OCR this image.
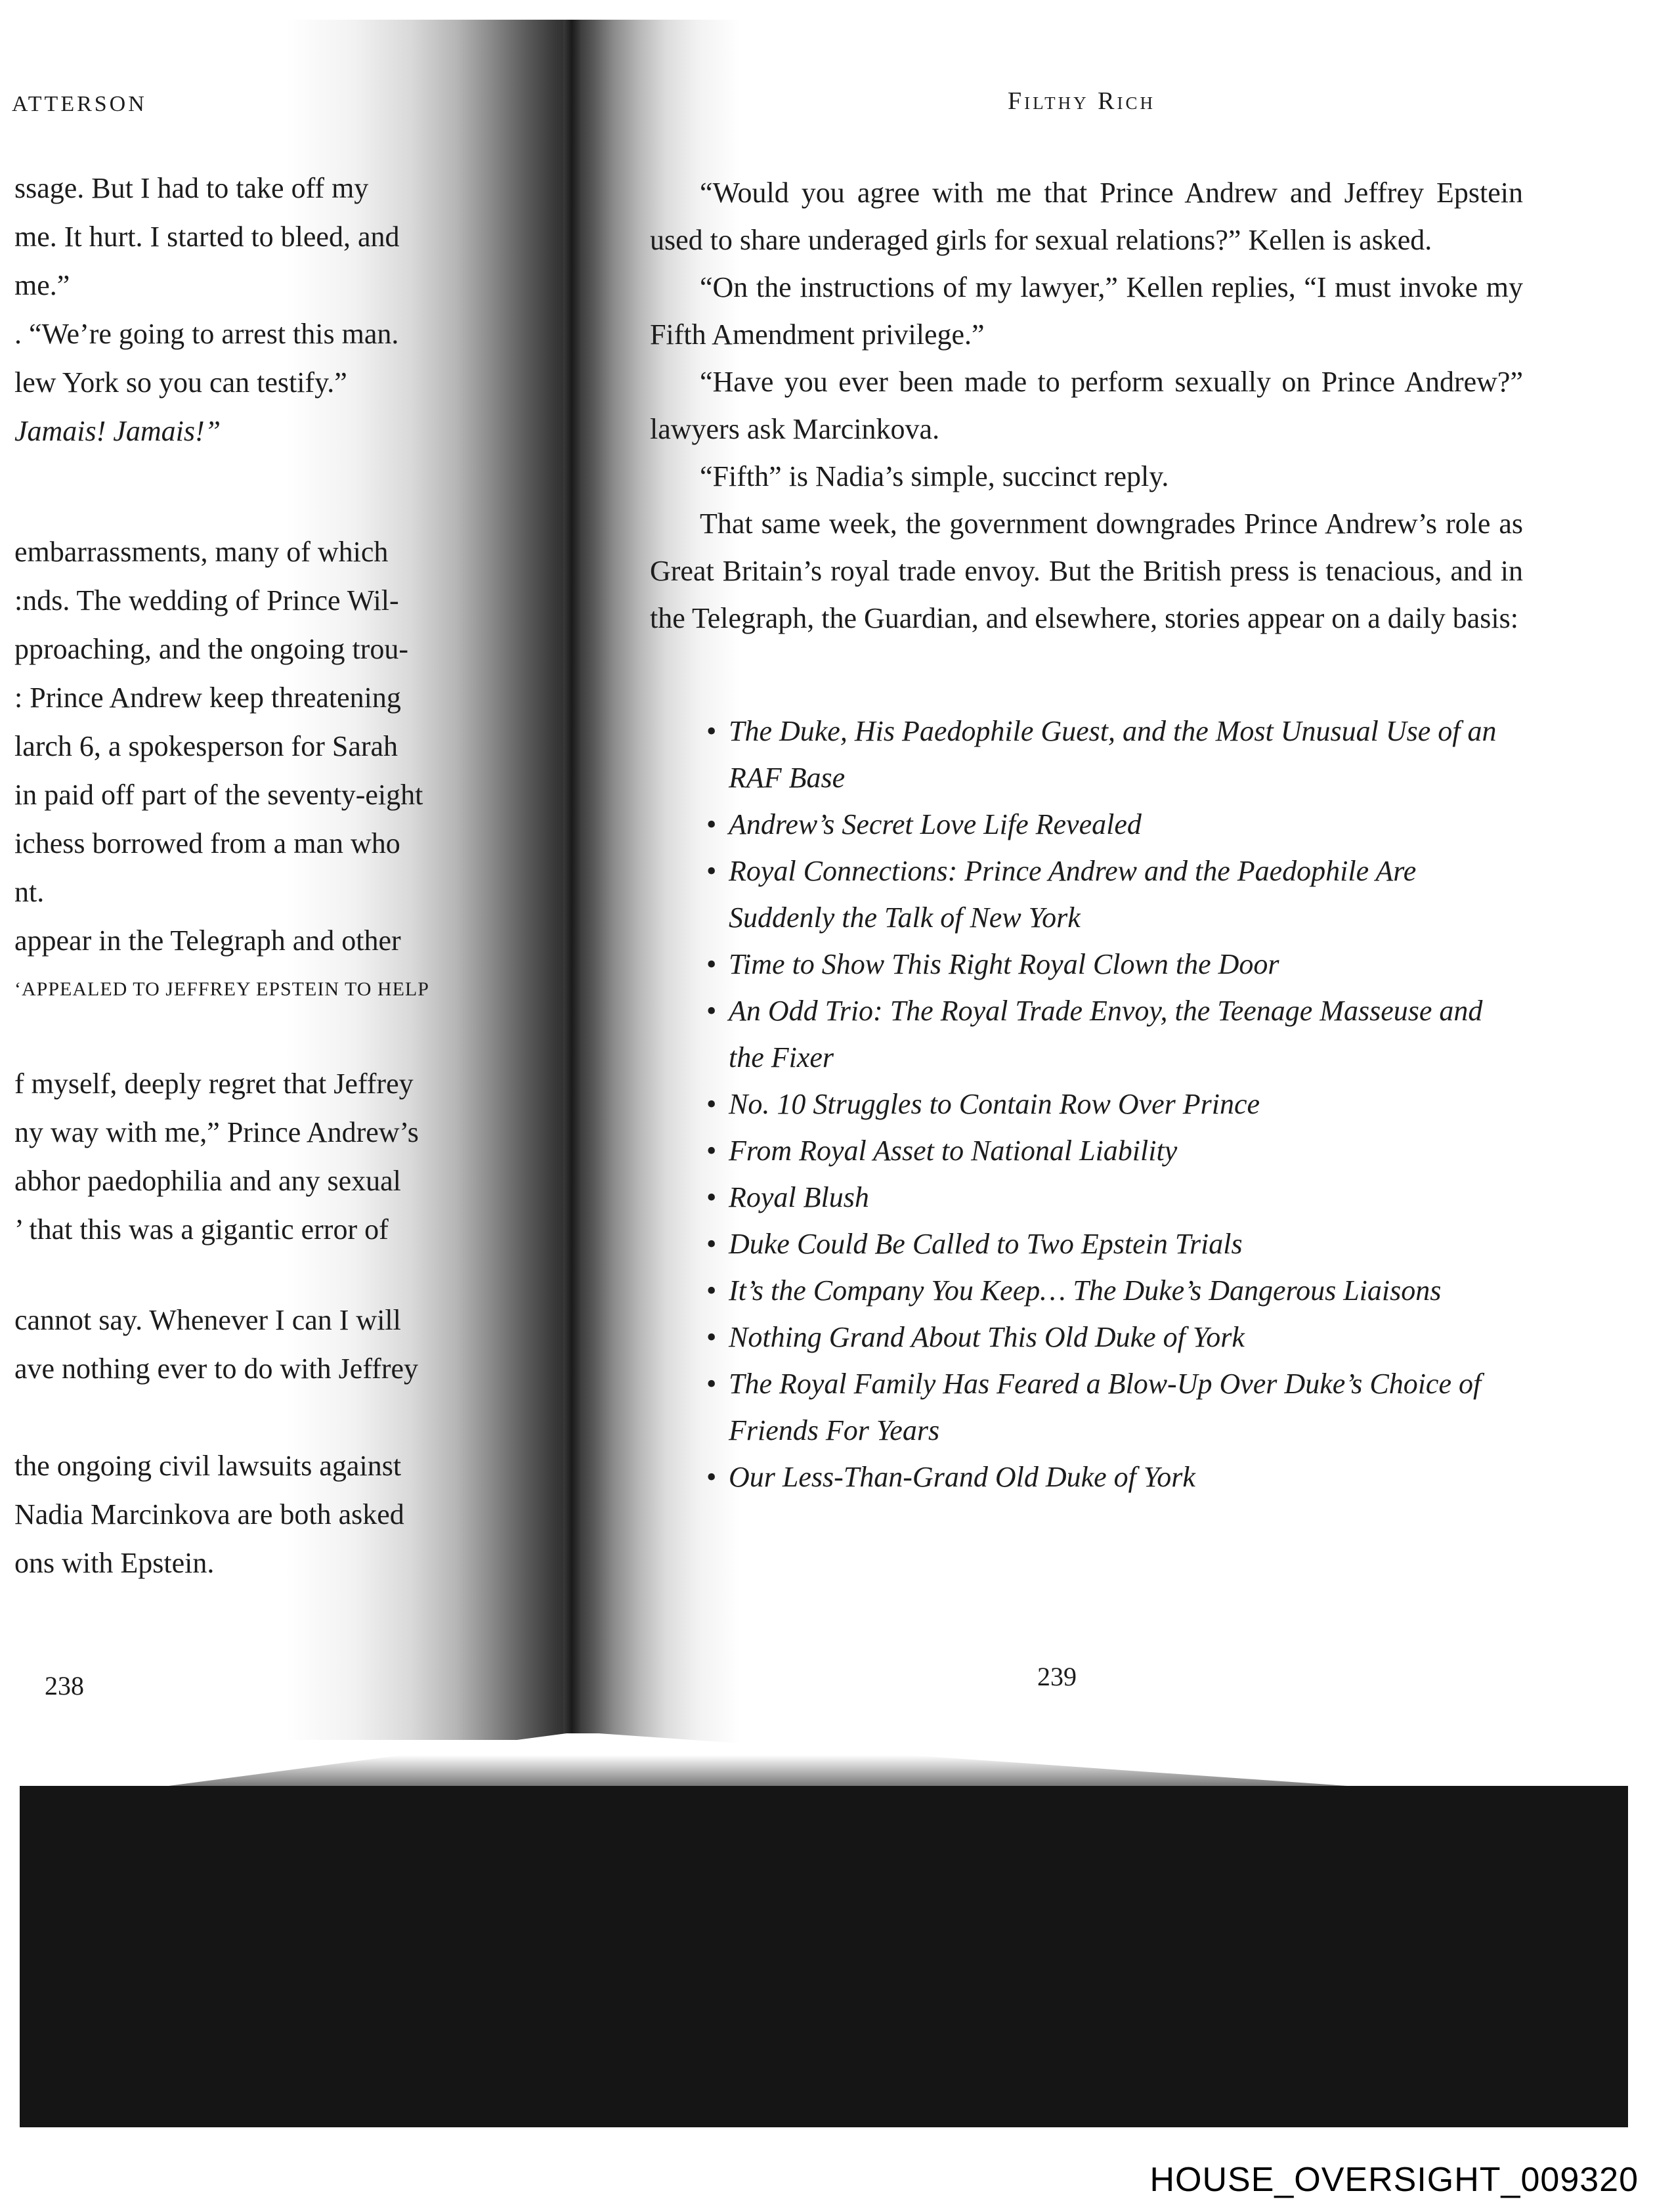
ATTERSON	Filthy Rich
ssage. But I had to take off my
me. It hurt. I started to bleed, and
me.”
. “We’re going to arrest this man.
lew York so you can testify.”
Jamais! Jamais!”
embarrassments, many of which
:nds. The wedding of Prince Wil-
pproaching, and the ongoing trou-
: Prince Andrew keep threatening
larch 6, a spokesperson for Sarah
in paid off part of the seventy-eight
ichess borrowed from a man who
nt.
appear in the Telegraph and other
‘APPEALED TO JEFFREY EPSTEIN TO HELP
f myself, deeply regret that Jeffrey
ny way with me,” Prince Andrew’s
abhor paedophilia and any sexual
’ that this was a gigantic error of
cannot say. Whenever I can I will
ave nothing ever to do with Jeffrey
the ongoing civil lawsuits against
Nadia Marcinkova are both asked
ons with Epstein.
238

“Would you agree with me that Prince Andrew and Jeffrey Epstein used to share underaged girls for sexual relations?” Kellen is asked.

“On the instructions of my lawyer,” Kellen replies, “I must invoke my Fifth Amendment privilege.”

“Have you ever been made to perform sexually on Prince Andrew?” lawyers ask Marcinkova.

“Fifth” is Nadia’s simple, succinct reply.

That same week, the government downgrades Prince Andrew’s role as Great Britain’s royal trade envoy. But the British press is tenacious, and in the Telegraph, the Guardian, and elsewhere, stories appear on a daily basis:

• The Duke, His Paedophile Guest, and the Most Unusual Use of an RAF Base
• Andrew’s Secret Love Life Revealed
• Royal Connections: Prince Andrew and the Paedophile Are Suddenly the Talk of New York
• Time to Show This Right Royal Clown the Door
• An Odd Trio: The Royal Trade Envoy, the Teenage Masseuse and the Fixer
• No. 10 Struggles to Contain Row Over Prince
• From Royal Asset to National Liability
• Royal Blush
• Duke Could Be Called to Two Epstein Trials
• It’s the Company You Keep… The Duke’s Dangerous Liaisons
• Nothing Grand About This Old Duke of York
• The Royal Family Has Feared a Blow-Up Over Duke’s Choice of Friends For Years
• Our Less-Than-Grand Old Duke of York
239
HOUSE_OVERSIGHT_009320
